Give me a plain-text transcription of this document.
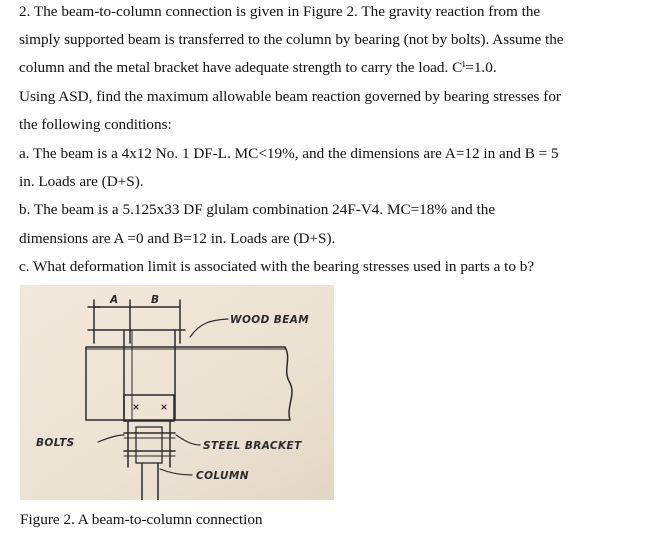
2. The beam-to-column connection is given in Figure 2. The gravity reaction from the
simply supported beam is transferred to the column by bearing (not by bolts). Assume the
column and the metal bracket have adequate strength to carry the load. Cⁱ=1.0.
Using ASD, find the maximum allowable beam reaction governed by bearing stresses for
the following conditions:
a. The beam is a 4x12 No. 1 DF-L. MC<19%, and the dimensions are A=12 in and B = 5
in. Loads are (D+S).
b. The beam is a 5.125x33 DF glulam combination 24F-V4. MC=18% and the
dimensions are A =0 and B=12 in. Loads are (D+S).
c. What deformation limit is associated with the bearing stresses used in parts a to b?
A	B
WOOD BEAM
BOLTS	STEEL BRACKET
COLUMN
Figure 2. A beam-to-column connection
